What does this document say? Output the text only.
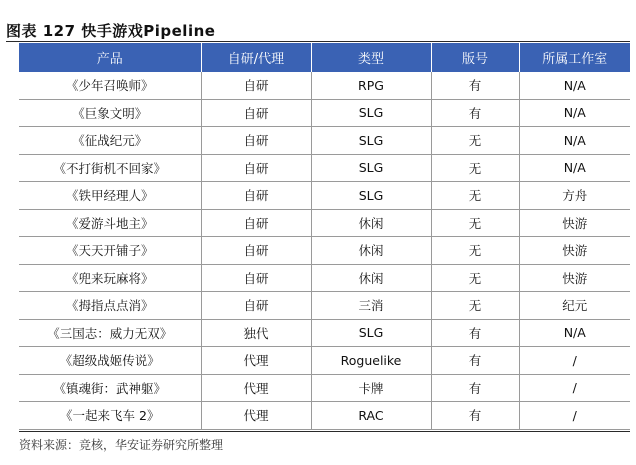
图表 127 快手游戏Pipeline
产品	自研/代理	类型	版号	所属工作室
《少年召唤师》	自研	RPG	有	N/A
《巨象文明》	自研	SLG	有	N/A
《征战纪元》	自研	SLG	无	N/A
《不打街机不回家》	自研	SLG	无	N/A
《铁甲经理人》	自研	SLG	无	方舟
《爱游斗地主》	自研	休闲	无	快游
《天天开铺子》	自研	休闲	无	快游
《兜来玩麻将》	自研	休闲	无	快游
《拇指点点消》	自研	三消	无	纪元
《三国志：威力无双》	独代	SLG	有	N/A
《超级战姬传说》	代理	Roguelike	有	/
《镇魂街：武神躯》	代理	卡牌	有	/
《一起来飞车 2》	代理	RAC	有	/
资料来源：竞核，华安证券研究所整理
